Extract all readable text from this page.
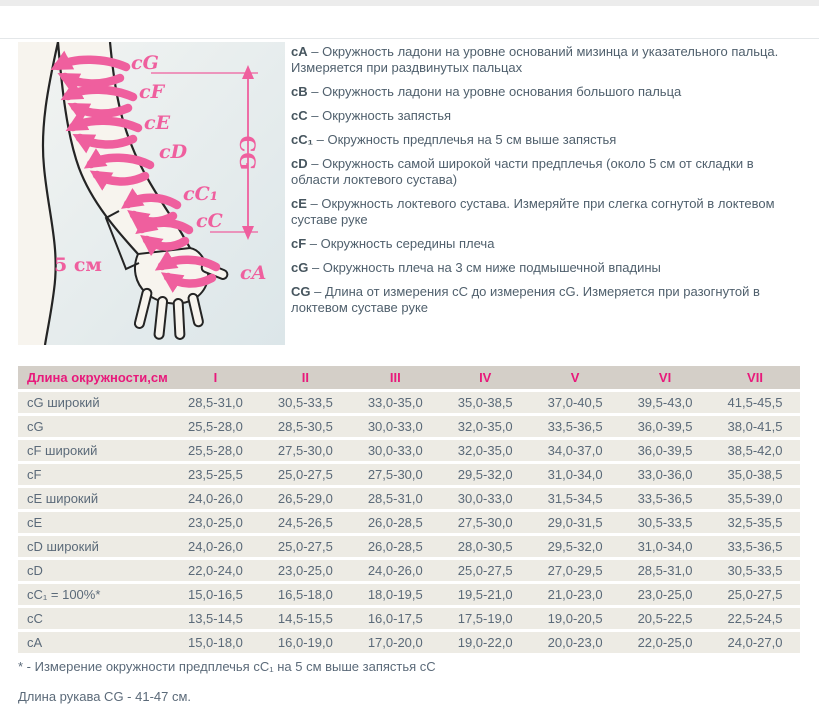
cG
cF
cE
cD
cC₁
cC
cA
CG
5 см

cA – Окружность ладони на уровне оснований мизинца и указательного пальца. Измеряется при раздвинутых пальцах

cB – Окружность ладони на уровне основания большого пальца

cC – Окружность запястья

cC₁ – Окружность предплечья на 5 см выше запястья

cD – Окружность самой широкой части предплечья (около 5 см от складки в области локтевого сустава)

cE – Окружность локтевого сустава. Измеряйте при слегка согнутой в локтевом суставе руке

cF – Окружность середины плеча

cG – Окружность плеча на 3 см ниже подмышечной впадины

CG – Длина от измерения cC до измерения cG. Измеряется при разогнутой в локтевом суставе руке

Длина окружности,см	I	II	III	IV	V	VI	VII
cG широкий	28,5-31,0	30,5-33,5	33,0-35,0	35,0-38,5	37,0-40,5	39,5-43,0	41,5-45,5
cG	25,5-28,0	28,5-30,5	30,0-33,0	32,0-35,0	33,5-36,5	36,0-39,5	38,0-41,5
cF широкий	25,5-28,0	27,5-30,0	30,0-33,0	32,0-35,0	34,0-37,0	36,0-39,5	38,5-42,0
cF	23,5-25,5	25,0-27,5	27,5-30,0	29,5-32,0	31,0-34,0	33,0-36,0	35,0-38,5
cE широкий	24,0-26,0	26,5-29,0	28,5-31,0	30,0-33,0	31,5-34,5	33,5-36,5	35,5-39,0
cE	23,0-25,0	24,5-26,5	26,0-28,5	27,5-30,0	29,0-31,5	30,5-33,5	32,5-35,5
cD широкий	24,0-26,0	25,0-27,5	26,0-28,5	28,0-30,5	29,5-32,0	31,0-34,0	33,5-36,5
cD	22,0-24,0	23,0-25,0	24,0-26,0	25,0-27,5	27,0-29,5	28,5-31,0	30,5-33,5
cC₁ = 100%*	15,0-16,5	16,5-18,0	18,0-19,5	19,5-21,0	21,0-23,0	23,0-25,0	25,0-27,5
cC	13,5-14,5	14,5-15,5	16,0-17,5	17,5-19,0	19,0-20,5	20,5-22,5	22,5-24,5
cA	15,0-18,0	16,0-19,0	17,0-20,0	19,0-22,0	20,0-23,0	22,0-25,0	24,0-27,0
* - Измерение окружности предплечья cC₁ на 5 см выше запястья cC
Длина рукава CG - 41-47 см.
